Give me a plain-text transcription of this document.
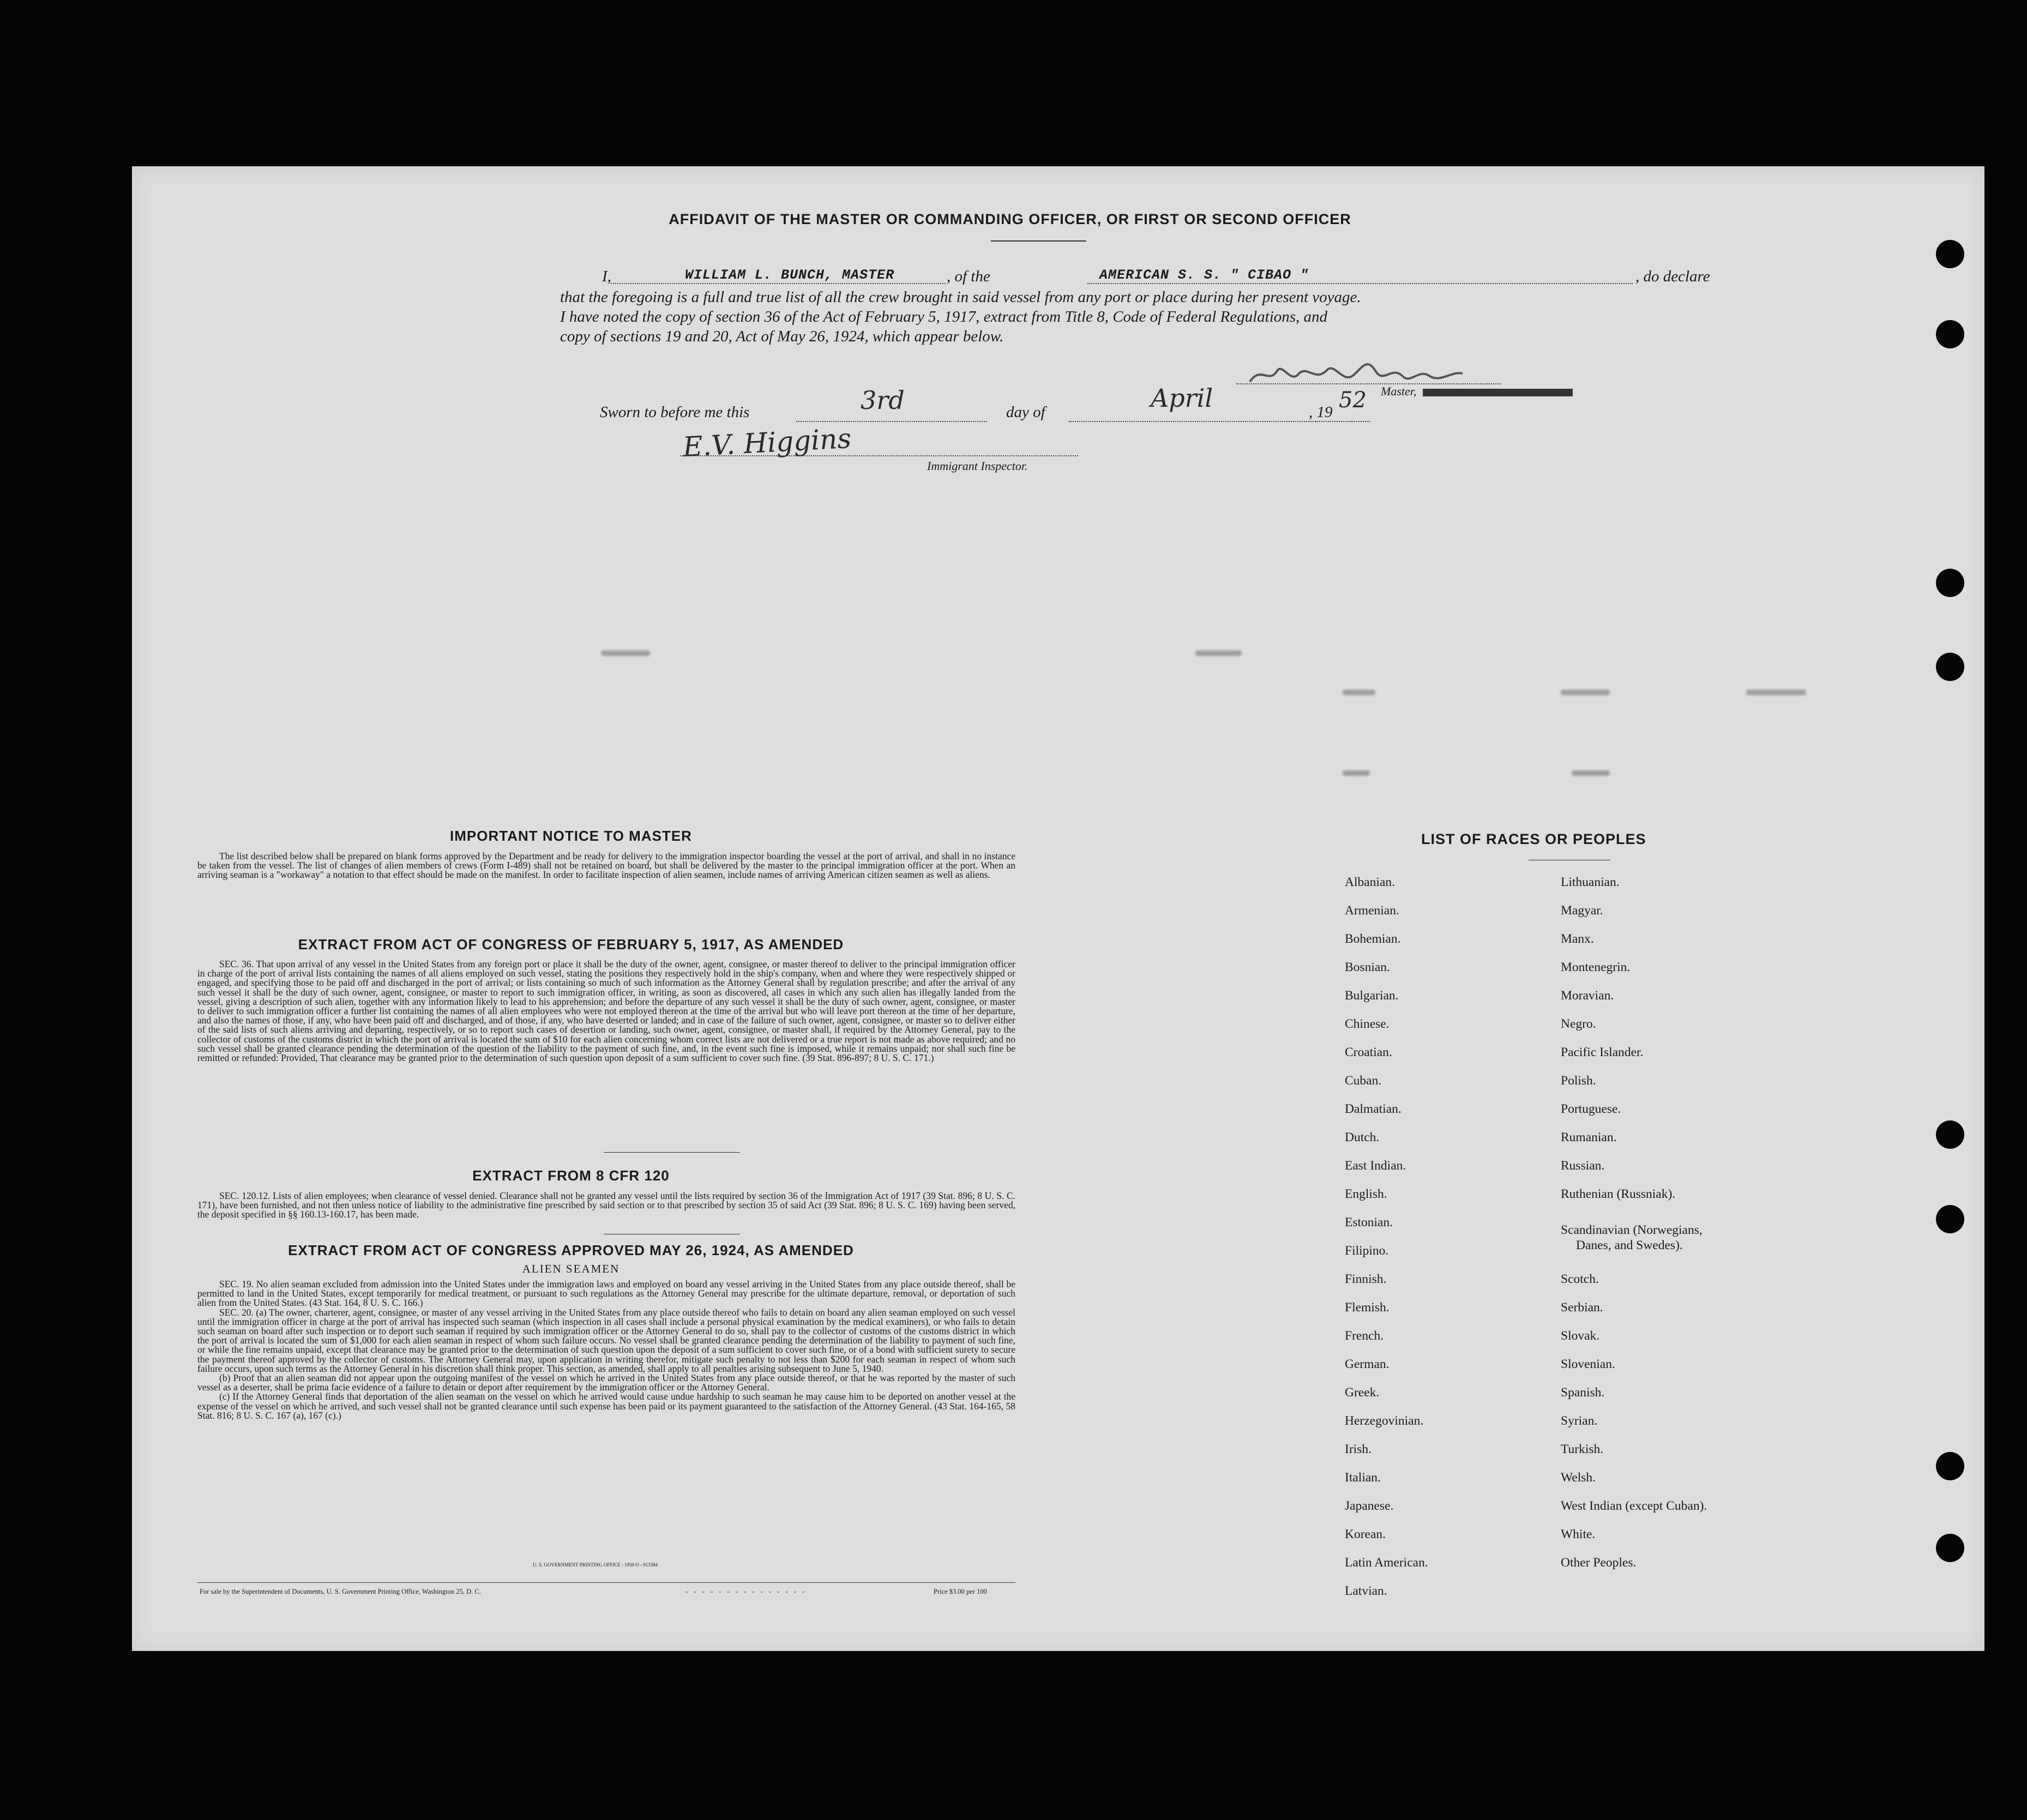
AFFIDAVIT OF THE MASTER OR COMMANDING OFFICER, OR FIRST OR SECOND OFFICER
I,	WILLIAM L. BUNCH, MASTER	, of the	AMERICAN S. S. " CIBAO "	, do declare
that the foregoing is a full and true list of all the crew brought in said vessel from any port or place during her present voyage.
I have noted the copy of section 36 of the Act of February 5, 1917, extract from Title 8, Code of Federal Regulations, and
copy of sections 19 and 20, Act of May 26, 1924, which appear below.
Master,
Sworn to before me this	3rd	day of	April	, 19 52
E.V. Higgins
Immigrant Inspector.
IMPORTANT NOTICE TO MASTER
The list described below shall be prepared on blank forms approved by the Department and be ready for delivery to the immigration inspector boarding the vessel at the port of arrival, and shall in no instance be taken from the vessel. The list of changes of alien members of crews (Form I-489) shall not be retained on board, but shall be delivered by the master to the principal immigration officer at the port. When an arriving seaman is a "workaway" a notation to that effect should be made on the manifest. In order to facilitate inspection of alien seamen, include names of arriving American citizen seamen as well as aliens.
EXTRACT FROM ACT OF CONGRESS OF FEBRUARY 5, 1917, AS AMENDED
SEC. 36. That upon arrival of any vessel in the United States from any foreign port or place it shall be the duty of the owner, agent, consignee, or master thereof to deliver to the principal immigration officer in charge of the port of arrival lists containing the names of all aliens employed on such vessel, stating the positions they respectively hold in the ship's company, when and where they were respectively shipped or engaged, and specifying those to be paid off and discharged in the port of arrival; or lists containing so much of such information as the Attorney General shall by regulation prescribe; and after the arrival of any such vessel it shall be the duty of such owner, agent, consignee, or master to report to such immigration officer, in writing, as soon as discovered, all cases in which any such alien has illegally landed from the vessel, giving a description of such alien, together with any information likely to lead to his apprehension; and before the departure of any such vessel it shall be the duty of such owner, agent, consignee, or master to deliver to such immigration officer a further list containing the names of all alien employees who were not employed thereon at the time of the arrival but who will leave port thereon at the time of her departure, and also the names of those, if any, who have been paid off and discharged, and of those, if any, who have deserted or landed; and in case of the failure of such owner, agent, consignee, or master so to deliver either of the said lists of such aliens arriving and departing, respectively, or so to report such cases of desertion or landing, such owner, agent, consignee, or master shall, if required by the Attorney General, pay to the collector of customs of the customs district in which the port of arrival is located the sum of $10 for each alien concerning whom correct lists are not delivered or a true report is not made as above required; and no such vessel shall be granted clearance pending the determination of the question of the liability to the payment of such fine, and, in the event such fine is imposed, while it remains unpaid; nor shall such fine be remitted or refunded: Provided, That clearance may be granted prior to the determination of such question upon deposit of a sum sufficient to cover such fine. (39 Stat. 896-897; 8 U. S. C. 171.)
EXTRACT FROM 8 CFR 120
SEC. 120.12. Lists of alien employees; when clearance of vessel denied. Clearance shall not be granted any vessel until the lists required by section 36 of the Immigration Act of 1917 (39 Stat. 896; 8 U. S. C. 171), have been furnished, and not then unless notice of liability to the administrative fine prescribed by said section or to that prescribed by section 35 of said Act (39 Stat. 896; 8 U. S. C. 169) having been served, the deposit specified in §§ 160.13-160.17, has been made.
EXTRACT FROM ACT OF CONGRESS APPROVED MAY 26, 1924, AS AMENDED
ALIEN SEAMEN

SEC. 19. No alien seaman excluded from admission into the United States under the immigration laws and employed on board any vessel arriving in the United States from any place outside thereof, shall be permitted to land in the United States, except temporarily for medical treatment, or pursuant to such regulations as the Attorney General may prescribe for the ultimate departure, removal, or deportation of such alien from the United States. (43 Stat. 164, 8 U. S. C. 166.)

SEC. 20. (a) The owner, charterer, agent, consignee, or master of any vessel arriving in the United States from any place outside thereof who fails to detain on board any alien seaman employed on such vessel until the immigration officer in charge at the port of arrival has inspected such seaman (which inspection in all cases shall include a personal physical examination by the medical examiners), or who fails to detain such seaman on board after such inspection or to deport such seaman if required by such immigration officer or the Attorney General to do so, shall pay to the collector of customs of the customs district in which the port of arrival is located the sum of $1,000 for each alien seaman in respect of whom such failure occurs. No vessel shall be granted clearance pending the determination of the liability to payment of such fine, or while the fine remains unpaid, except that clearance may be granted prior to the determination of such question upon the deposit of a sum sufficient to cover such fine, or of a bond with sufficient surety to secure the payment thereof approved by the collector of customs. The Attorney General may, upon application in writing therefor, mitigate such penalty to not less than $200 for each seaman in respect of whom such failure occurs, upon such terms as the Attorney General in his discretion shall think proper. This section, as amended, shall apply to all penalties arising subsequent to June 5, 1940.

(b) Proof that an alien seaman did not appear upon the outgoing manifest of the vessel on which he arrived in the United States from any place outside thereof, or that he was reported by the master of such vessel as a deserter, shall be prima facie evidence of a failure to detain or deport after requirement by the immigration officer or the Attorney General.

(c) If the Attorney General finds that deportation of the alien seaman on the vessel on which he arrived would cause undue hardship to such seaman he may cause him to be deported on another vessel at the expense of the vessel on which he arrived, and such vessel shall not be granted clearance until such expense has been paid or its payment guaranteed to the satisfaction of the Attorney General. (43 Stat. 164-165, 58 Stat. 816; 8 U. S. C. 167 (a), 167 (c).)

U. S. GOVERNMENT PRINTING OFFICE : 1950 O - 913384
For sale by the Superintendent of Documents, U. S. Government Printing Office, Washington 25, D. C.	- - - - - - - - - - - - - - -	Price $3.00 per 100
LIST OF RACES OR PEOPLES
Albanian.
Armenian.
Bohemian.
Bosnian.
Bulgarian.
Chinese.
Croatian.
Cuban.
Dalmatian.
Dutch.
East Indian.
English.
Estonian.
Filipino.
Finnish.
Flemish.
French.
German.
Greek.
Herzegovinian.
Irish.
Italian.
Japanese.
Korean.
Latin American.
Latvian.
Lithuanian.
Magyar.
Manx.
Montenegrin.
Moravian.
Negro.
Pacific Islander.
Polish.
Portuguese.
Rumanian.
Russian.
Ruthenian (Russniak).
Scandinavian (Norwegians,
Danes, and Swedes).
Scotch.
Serbian.
Slovak.
Slovenian.
Spanish.
Syrian.
Turkish.
Welsh.
West Indian (except Cuban).
White.
Other Peoples.
